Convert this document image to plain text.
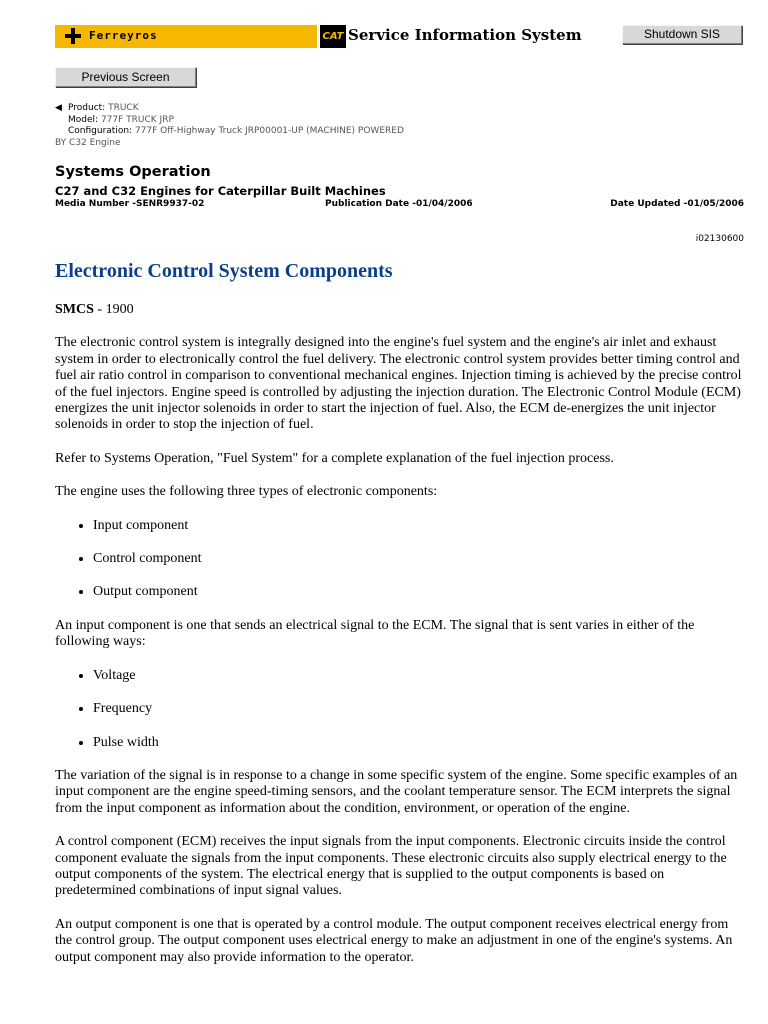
Ferreyros	CAT Service Information System	Shutdown SIS
Previous Screen
◀ Product: TRUCK
Model: 777F TRUCK JRP
Configuration: 777F Off-Highway Truck JRP00001-UP (MACHINE) POWERED
BY C32 Engine
Systems Operation
C27 and C32 Engines for Caterpillar Built Machines
Media Number -SENR9937-02	Publication Date -01/04/2006	Date Updated -01/05/2006
i02130600
Electronic Control System Components

SMCS - 1900

The electronic control system is integrally designed into the engine's fuel system and the engine's air inlet and exhaust system in order to electronically control the fuel delivery. The electronic control system provides better timing control and fuel air ratio control in comparison to conventional mechanical engines. Injection timing is achieved by the precise control of the fuel injectors. Engine speed is controlled by adjusting the injection duration. The Electronic Control Module (ECM) energizes the unit injector solenoids in order to start the injection of fuel. Also, the ECM de-energizes the unit injector solenoids in order to stop the injection of fuel.

Refer to Systems Operation, "Fuel System" for a complete explanation of the fuel injection process.

The engine uses the following three types of electronic components:

• Input component
• Control component
• Output component

An input component is one that sends an electrical signal to the ECM. The signal that is sent varies in either of the following ways:

• Voltage
• Frequency
• Pulse width

The variation of the signal is in response to a change in some specific system of the engine. Some specific examples of an input component are the engine speed-timing sensors, and the coolant temperature sensor. The ECM interprets the signal from the input component as information about the condition, environment, or operation of the engine.

A control component (ECM) receives the input signals from the input components. Electronic circuits inside the control component evaluate the signals from the input components. These electronic circuits also supply electrical energy to the output components of the system. The electrical energy that is supplied to the output components is based on predetermined combinations of input signal values.

An output component is one that is operated by a control module. The output component receives electrical energy from the control group. The output component uses electrical energy to make an adjustment in one of the engine's systems. An output component may also provide information to the operator.
